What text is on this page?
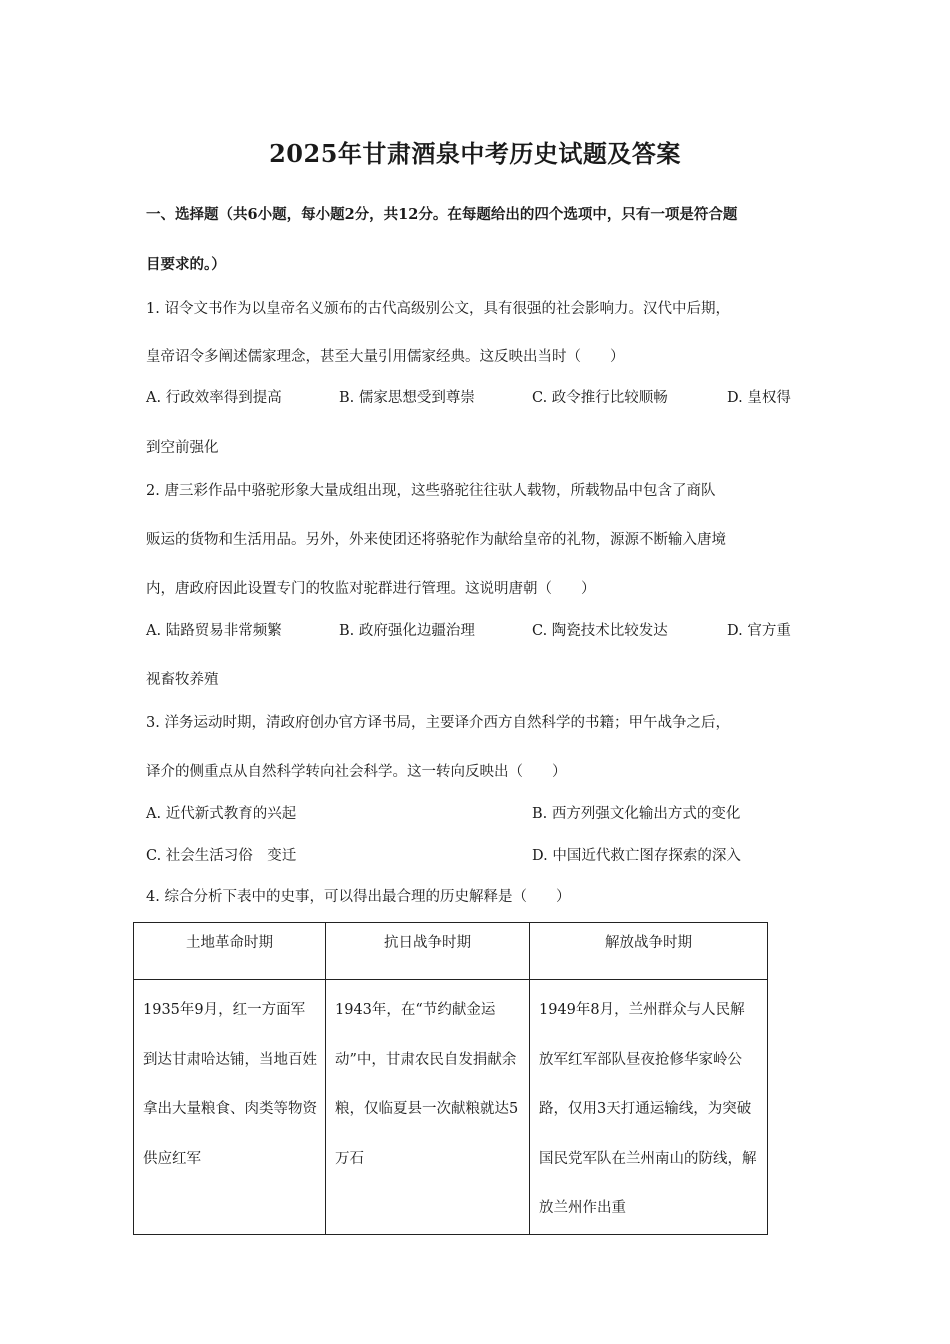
2025年甘肃酒泉中考历史试题及答案
一、选择题（共6小题，每小题2分，共12分。在每题给出的四个选项中，只有一项是符合题
目要求的。）
1. 诏令文书作为以皇帝名义颁布的古代高级别公文，具有很强的社会影响力。汉代中后期，
皇帝诏令多阐述儒家理念，甚至大量引用儒家经典。这反映出当时（　　）
A. 行政效率得到提高	B. 儒家思想受到尊崇	C. 政令推行比较顺畅	D. 皇权得
到空前强化
2. 唐三彩作品中骆驼形象大量成组出现，这些骆驼往往驮人载物，所载物品中包含了商队
贩运的货物和生活用品。另外，外来使团还将骆驼作为献给皇帝的礼物，源源不断输入唐境
内，唐政府因此设置专门的牧监对驼群进行管理。这说明唐朝（　　）
A. 陆路贸易非常频繁	B. 政府强化边疆治理	C. 陶瓷技术比较发达	D. 官方重
视畜牧养殖
3. 洋务运动时期，清政府创办官方译书局，主要译介西方自然科学的书籍；甲午战争之后，
译介的侧重点从自然科学转向社会科学。这一转向反映出（　　）
A. 近代新式教育的兴起	B. 西方列强文化输出方式的变化
C. 社会生活习俗　变迁	D. 中国近代救亡图存探索的深入
4. 综合分析下表中的史事，可以得出最合理的历史解释是（　　）
土地革命时期	抗日战争时期	解放战争时期
1935年9月，红一方面军到达甘肃哈达铺，当地百姓拿出大量粮食、肉类等物资供应红军	1943年，在“节约献金运动”中，甘肃农民自发捐献余粮，仅临夏县一次献粮就达5万石	1949年8月，兰州群众与人民解放军红军部队昼夜抢修华家岭公路，仅用3天打通运输线，为突破国民党军队在兰州南山的防线，解放兰州作出重
